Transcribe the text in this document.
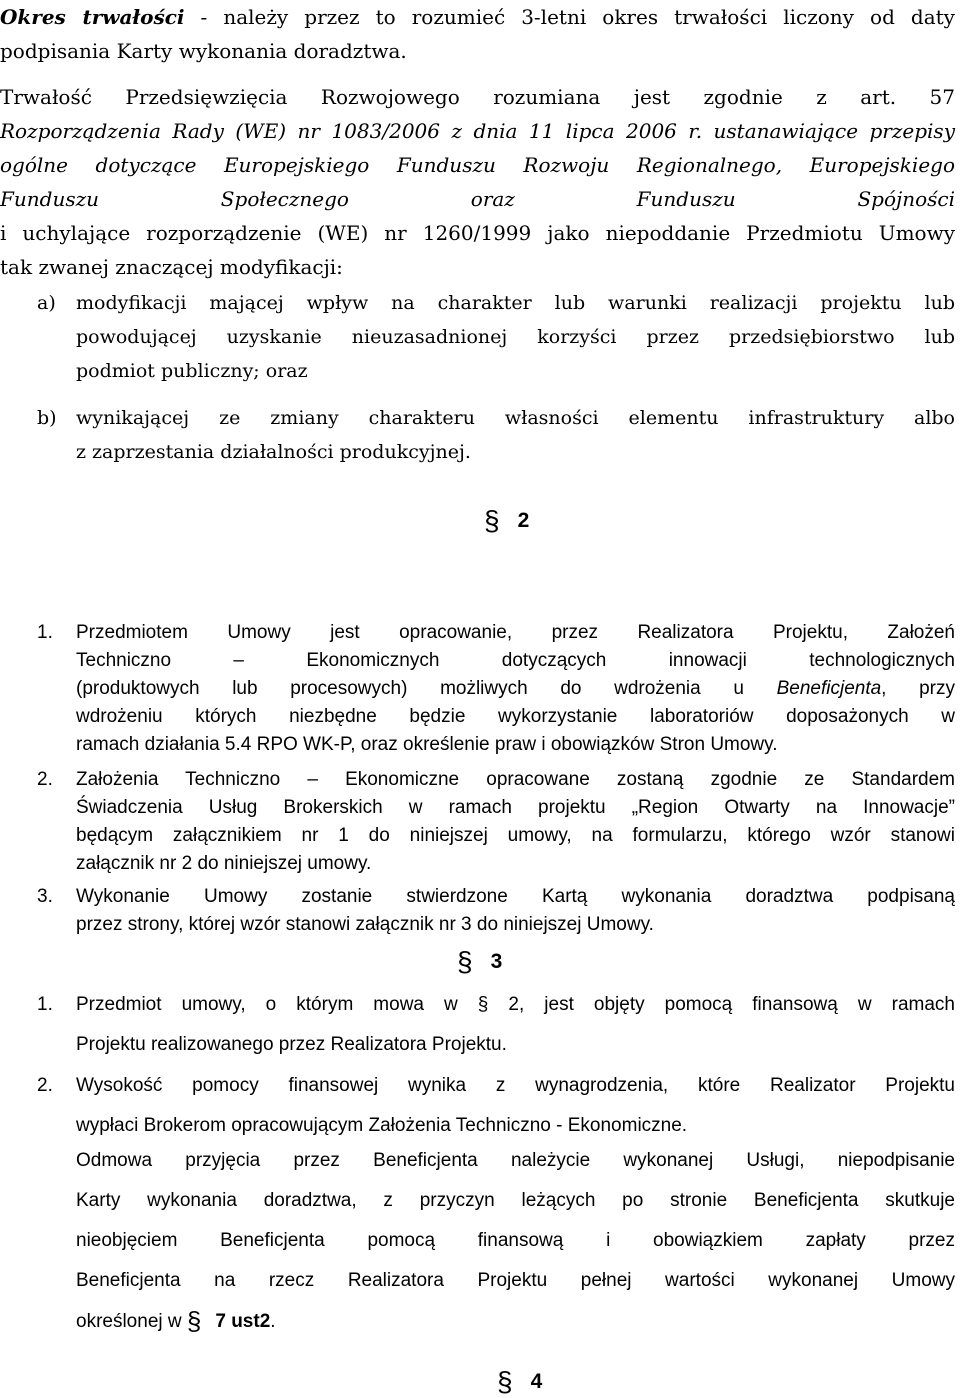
Okres trwałości - należy przez to rozumieć 3-letni okres trwałości liczony od daty
podpisania Karty wykonania doradztwa.
Trwałość Przedsięwzięcia Rozwojowego rozumiana jest zgodnie z art. 57
Rozporządzenia Rady (WE) nr 1083/2006 z dnia 11 lipca 2006 r. ustanawiające przepisy
ogólne dotyczące Europejskiego Funduszu Rozwoju Regionalnego, Europejskiego
Funduszu Społecznego oraz Funduszu Spójności
i uchylające rozporządzenie (WE) nr 1260/1999 jako niepoddanie Przedmiotu Umowy
tak zwanej znaczącej modyfikacji:
a) modyfikacji mającej wpływ na charakter lub warunki realizacji projektu lub
powodującej uzyskanie nieuzasadnionej korzyści przez przedsiębiorstwo lub
podmiot publiczny; oraz
b) wynikającej ze zmiany charakteru własności elementu infrastruktury albo
z zaprzestania działalności produkcyjnej.
§ 2
1. Przedmiotem Umowy jest opracowanie, przez Realizatora Projektu, Założeń
Techniczno – Ekonomicznych dotyczących innowacji technologicznych
(produktowych lub procesowych) możliwych do wdrożenia u Beneficjenta, przy
wdrożeniu których niezbędne będzie wykorzystanie laboratoriów doposażonych w
ramach działania 5.4 RPO WK-P, oraz określenie praw i obowiązków Stron Umowy.
2. Założenia Techniczno – Ekonomiczne opracowane zostaną zgodnie ze Standardem
Świadczenia Usług Brokerskich w ramach projektu „Region Otwarty na Innowacje”
będącym załącznikiem nr 1 do niniejszej umowy, na formularzu, którego wzór stanowi
załącznik nr 2 do niniejszej umowy.
3. Wykonanie Umowy zostanie stwierdzone Kartą wykonania doradztwa podpisaną
przez strony, której wzór stanowi załącznik nr 3 do niniejszej Umowy.
§ 3
1. Przedmiot umowy, o którym mowa w § 2, jest objęty pomocą finansową w ramach
Projektu realizowanego przez Realizatora Projektu.
2. Wysokość pomocy finansowej wynika z wynagrodzenia, które Realizator Projektu
wypłaci Brokerom opracowującym Założenia Techniczno - Ekonomiczne.
Odmowa przyjęcia przez Beneficjenta należycie wykonanej Usługi, niepodpisanie
Karty wykonania doradztwa, z przyczyn leżących po stronie Beneficjenta skutkuje
nieobjęciem Beneficjenta pomocą finansową i obowiązkiem zapłaty przez
Beneficjenta na rzecz Realizatora Projektu pełnej wartości wykonanej Umowy
określonej w § 7 ust2.
§ 4
